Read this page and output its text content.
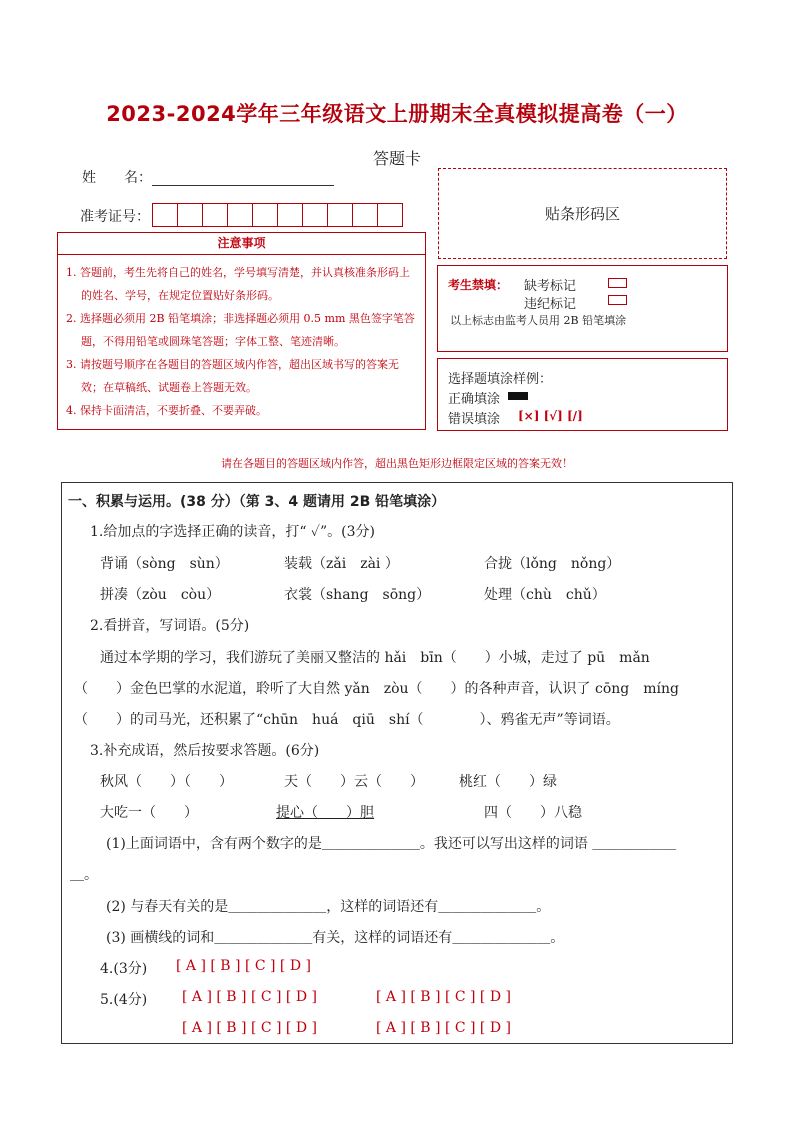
2023-2024学年三年级语文上册期末全真模拟提高卷（一）
答题卡
姓　　名：
准考证号：	贴条形码区
注意事项
1. 答题前，考生先将自己的姓名，学号填写清楚，并认真核准条形码上的姓名、学号，在规定位置贴好条形码。
2. 选择题必须用 2B 铅笔填涂；非选择题必须用 0.5 mm 黑色签字笔答题，不得用铅笔或圆珠笔答题；字体工整、笔迹清晰。
3. 请按题号顺序在各题目的答题区域内作答，超出区域书写的答案无效；在草稿纸、试题卷上答题无效。
4. 保持卡面清洁，不要折叠、不要弄破。
考生禁填： 缺考标记
违纪标记
以上标志由监考人员用 2B 铅笔填涂
选择题填涂样例：
正确填涂
错误填涂 [×] [√] [/]
请在各题目的答题区域内作答，超出黑色矩形边框限定区域的答案无效！
一、积累与运用。(38 分）（第 3、4 题请用 2B 铅笔填涂）
1.给加点的字选择正确的读音，打“ ✓”。(3分)
背诵（sòng　sùn）	装载（zǎi　zài ）	合拢（lǒng　nǒng）
拼凑（zòu　còu）	衣裳（shang　sōng）	处理（chù　chǔ）
2.看拼音，写词语。(5分)
通过本学期的学习，我们游玩了美丽又整洁的 hǎi　bīn（　　）小城，走过了 pū　mǎn
（　　）金色巴掌的水泥道，聆听了大自然 yǎn　zòu（　　）的各种声音，认识了 cōng　míng
（　　）的司马光，还积累了“chūn　huá　qiū　shí（　　　　）、鸦雀无声”等词语。
3.补充成语，然后按要求答题。(6分)
秋风（　　）（　　）	天（　　）云（　　）	桃红（　　）绿
大吃一（　　）	提心（　　）胆	四（　　）八稳
(1)上面词语中，含有两个数字的是＿＿＿＿＿＿＿。我还可以写出这样的词语 ＿＿＿＿＿＿
＿。
(2) 与春天有关的是＿＿＿＿＿＿＿，这样的词语还有＿＿＿＿＿＿＿。
(3) 画横线的词和＿＿＿＿＿＿＿有关，这样的词语还有＿＿＿＿＿＿＿。
4.(3分) [ A ] [ B ] [ C ] [ D ]
5.(4分) [ A ] [ B ] [ C ] [ D ]	[ A ] [ B ] [ C ] [ D ]
[ A ] [ B ] [ C ] [ D ]	[ A ] [ B ] [ C ] [ D ]
